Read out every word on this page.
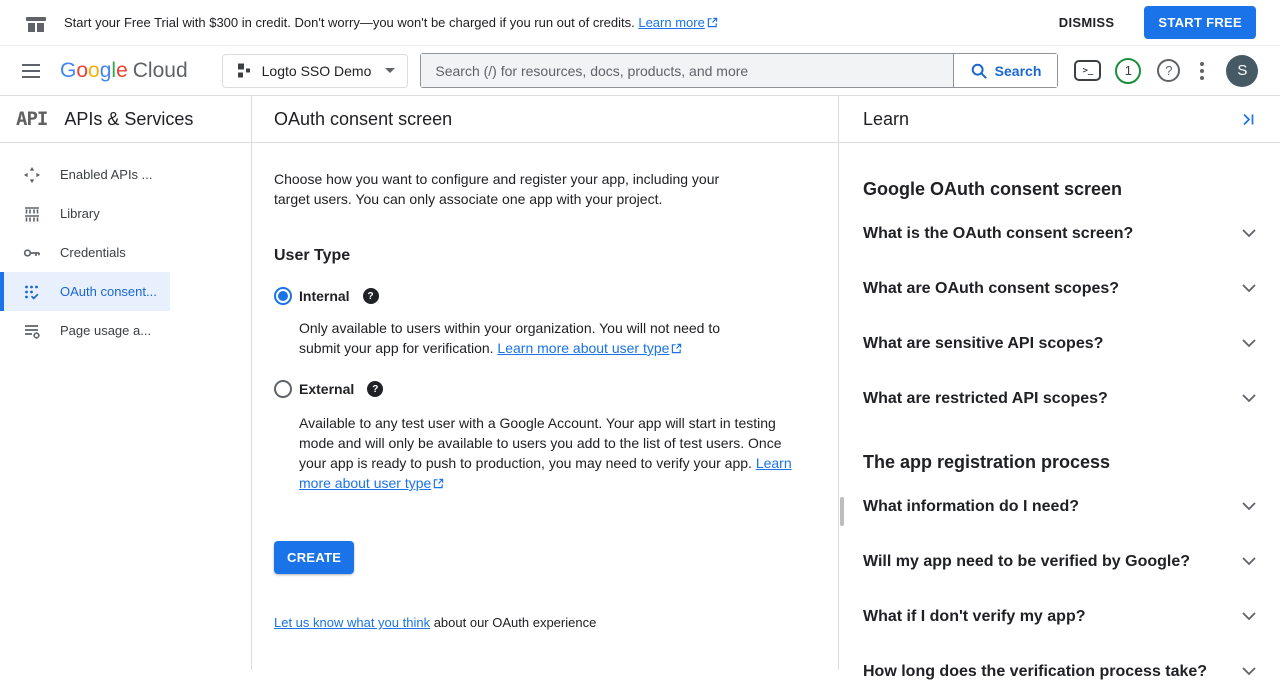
Start your Free Trial with $300 in credit. Don't worry—you won't be charged if you run out of credits. Learn more	DISMISS	START FREE
G o o g l e Cloud	Logto SSO Demo
Search (/) for resources, docs, products, and more	Search >_	1 ?	S
API APIs & Services
Enabled APIs ...
Library
Credentials
OAuth consent...
Page usage a...
OAuth consent screen

Choose how you want to configure and register your app, including your target users. You can only associate one app with your project.

User Type
Internal
?

Only available to users within your organization. You will not need to submit your app for verification. Learn more about user type

External
?

Available to any test user with a Google Account. Your app will start in testing mode and will only be available to users you add to the list of test users. Once your app is ready to push to production, you may need to verify your app. Learn more about user type

CREATE

Let us know what you think about our OAuth experience

Learn
Google OAuth consent screen
What is the OAuth consent screen?
What are OAuth consent scopes?
What are sensitive API scopes?
What are restricted API scopes?
The app registration process
What information do I need?
Will my app need to be verified by Google?
What if I don't verify my app?
How long does the verification process take?
